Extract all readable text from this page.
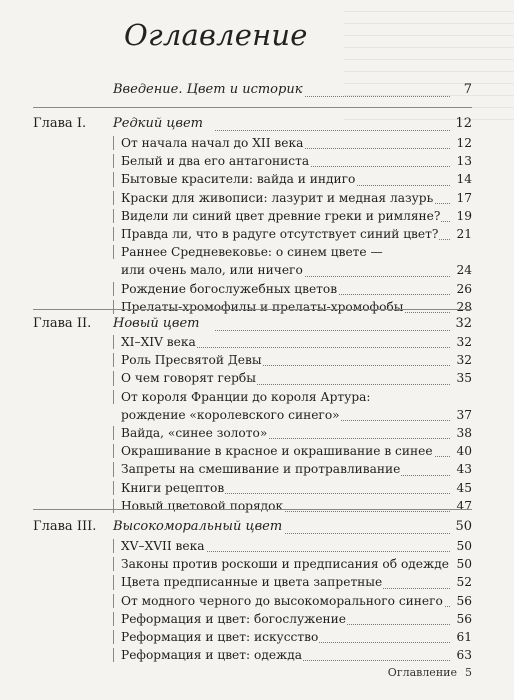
Оглавление
Введение. Цвет и историк	7
Глава I. Редкий цвет	12
От начала начал до XII века	12
Белый и два его антагониста	13
Бытовые красители: вайда и индиго	14
Краски для живописи: лазурит и медная лазурь 17
Видели ли синий цвет древние греки и римляне? 19
Правда ли, что в радуге отсутствует синий цвет? 21
Раннее Средневековье: о синем цвете —
или очень мало, или ничего	24
Рождение богослужебных цветов	26
Прелаты-хромофилы и прелаты-хромофобы	28
Глава II. Новый цвет	32
XI–XIV века	32
Роль Пресвятой Девы	32
О чем говорят гербы	35
От короля Франции до короля Артура:
рождение «королевского синего»	37
Вайда, «синее золото»	38
Окрашивание в красное и окрашивание в синее 40
Запреты на смешивание и протравливание	43
Книги рецептов	45
Новый цветовой порядок	47
Глава III. Высокоморальный цвет	50
XV–XVII века	50
Законы против роскоши и предписания об одежде 50
Цвета предписанные и цвета запретные	52
От модного черного до высокоморального синего 56
Реформация и цвет: богослужение	56
Реформация и цвет: искусство	61
Реформация и цвет: одежда	63
Оглавление 5
